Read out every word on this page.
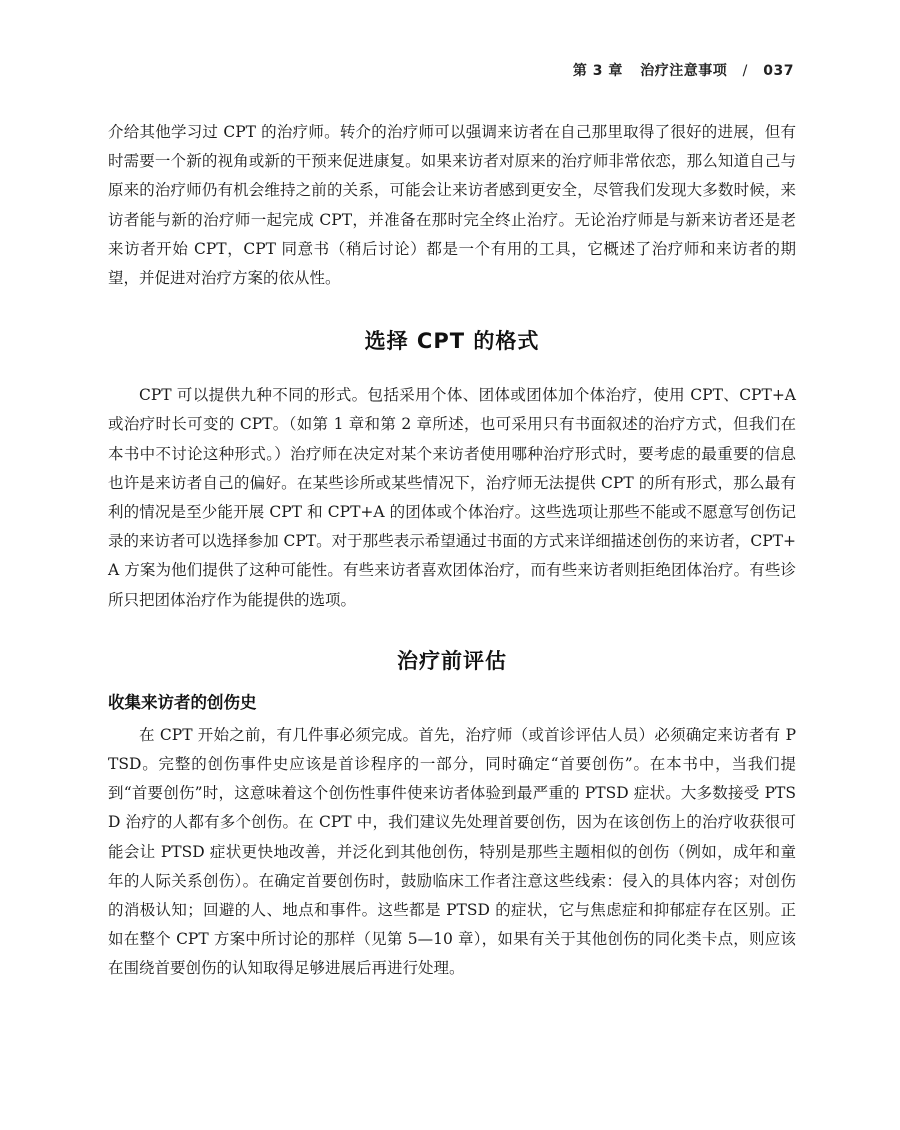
第 3 章 治疗注意事项 / 037

介给其他学习过 CPT 的治疗师。转介的治疗师可以强调来访者在自己那里取得了很好的进展，但有时需要一个新的视角或新的干预来促进康复。如果来访者对原来的治疗师非常依恋，那么知道自己与原来的治疗师仍有机会维持之前的关系，可能会让来访者感到更安全，尽管我们发现大多数时候，来访者能与新的治疗师一起完成 CPT，并准备在那时完全终止治疗。无论治疗师是与新来访者还是老来访者开始 CPT，CPT 同意书（稍后讨论）都是一个有用的工具，它概述了治疗师和来访者的期望，并促进对治疗方案的依从性。

选择 CPT 的格式

CPT 可以提供九种不同的形式。包括采用个体、团体或团体加个体治疗，使用 CPT、CPT+A 或治疗时长可变的 CPT。（如第 1 章和第 2 章所述，也可采用只有书面叙述的治疗方式，但我们在本书中不讨论这种形式。）治疗师在决定对某个来访者使用哪种治疗形式时，要考虑的最重要的信息也许是来访者自己的偏好。在某些诊所或某些情况下，治疗师无法提供 CPT 的所有形式，那么最有利的情况是至少能开展 CPT 和 CPT+A 的团体或个体治疗。这些选项让那些不能或不愿意写创伤记录的来访者可以选择参加 CPT。对于那些表示希望通过书面的方式来详细描述创伤的来访者，CPT+A 方案为他们提供了这种可能性。有些来访者喜欢团体治疗，而有些来访者则拒绝团体治疗。有些诊所只把团体治疗作为能提供的选项。

治疗前评估
收集来访者的创伤史

在 CPT 开始之前，有几件事必须完成。首先，治疗师（或首诊评估人员）必须确定来访者有 PTSD。完整的创伤事件史应该是首诊程序的一部分，同时确定“首要创伤”。在本书中，当我们提到“首要创伤”时，这意味着这个创伤性事件使来访者体验到最严重的 PTSD 症状。大多数接受 PTSD 治疗的人都有多个创伤。在 CPT 中，我们建议先处理首要创伤，因为在该创伤上的治疗收获很可能会让 PTSD 症状更快地改善，并泛化到其他创伤，特别是那些主题相似的创伤（例如，成年和童年的人际关系创伤）。在确定首要创伤时，鼓励临床工作者注意这些线索：侵入的具体内容；对创伤的消极认知；回避的人、地点和事件。这些都是 PTSD 的症状，它与焦虑症和抑郁症存在区别。正如在整个 CPT 方案中所讨论的那样（见第 5—10 章），如果有关于其他创伤的同化类卡点，则应该在围绕首要创伤的认知取得足够进展后再进行处理。
